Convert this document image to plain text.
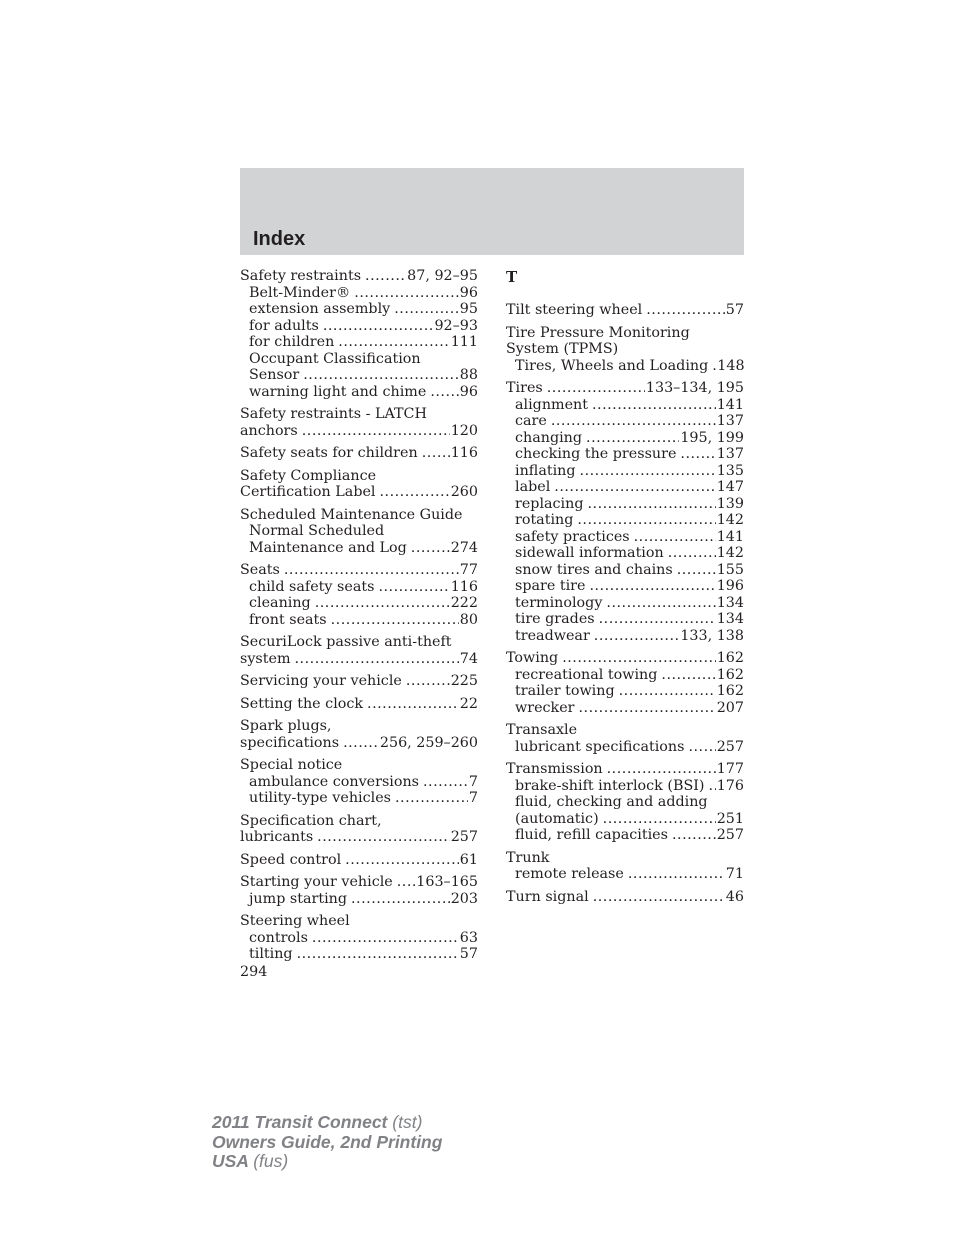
Index
Safety restraints .....	87, 92–95
Belt-Minder® .....	96
extension assembly .....	95
for adults .....	92–93
for children .....	111
Occupant Classification
Sensor .....	88
warning light and chime ..... 96
Safety restraints - LATCH
anchors .....	120
Safety seats for children ..... 116
Safety Compliance
Certification Label .....	260
Scheduled Maintenance Guide
Normal Scheduled
Maintenance and Log .....	274
Seats .....	77
child safety seats .....	116
cleaning .....	222
front seats .....	80
SecuriLock passive anti-theft
system .....	74
Servicing your vehicle .....	225
Setting the clock .....	22
Spark plugs,
specifications .....	256, 259–260
Special notice
ambulance conversions .....	7
utility-type vehicles .....	7
Specification chart,
lubricants .....	257
Speed control .....	61
Starting your vehicle ..... 163–165
jump starting .....	203
Steering wheel
controls .....	63
tilting .....	57
294
T
Tilt steering wheel .....	57
Tire Pressure Monitoring
System (TPMS)
Tires, Wheels and Loading ..... 148
Tires .....	133–134, 195
alignment .....	141
care .....	137
changing .....	195, 199
checking the pressure .....	137
inflating .....	135
label .....	147
replacing .....	139
rotating .....	142
safety practices .....	141
sidewall information .....	142
snow tires and chains .....	155
spare tire .....	196
terminology .....	134
tire grades .....	134
treadwear .....	133, 138
Towing .....	162
recreational towing .....	162
trailer towing .....	162
wrecker .....	207
Transaxle
lubricant specifications ..... 257
Transmission .....	177
brake-shift interlock (BSI) ..... 176
fluid, checking and adding
(automatic) .....	251
fluid, refill capacities .....	257
Trunk
remote release .....	71
Turn signal .....	46
2011 Transit Connect (tst)
Owners Guide, 2nd Printing
USA (fus)
